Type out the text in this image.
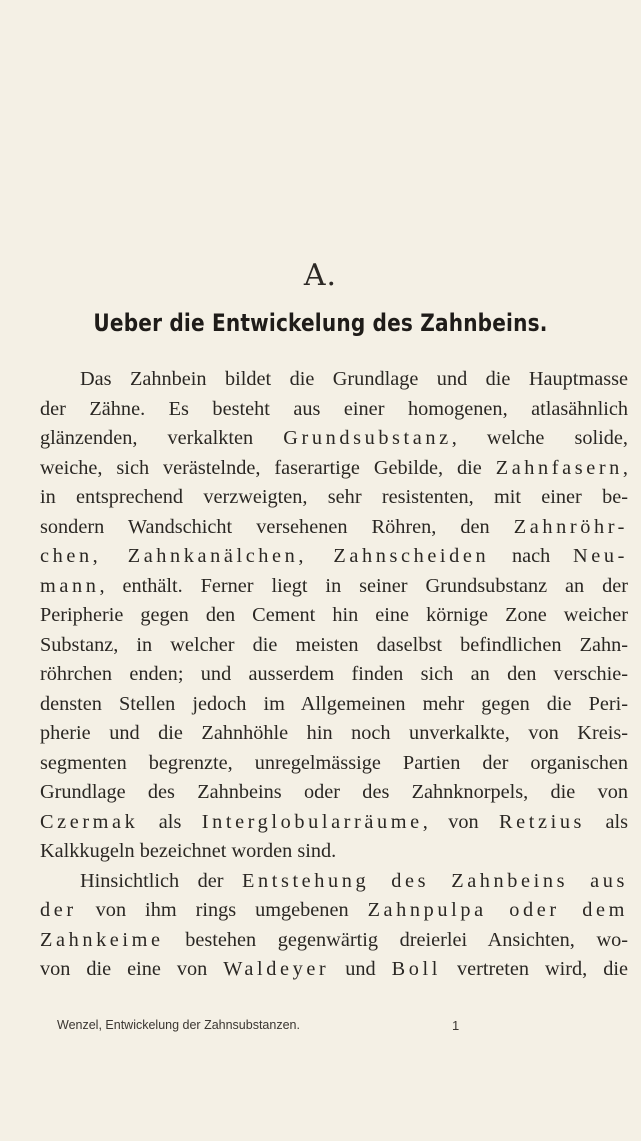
A.
Ueber die Entwickelung des Zahnbeins.
Das Zahnbein bildet die Grundlage und die Hauptmasse
der Zähne. Es besteht aus einer homogenen, atlasähnlich
glänzenden, verkalkten Grundsubstanz, welche solide,
weiche, sich verästelnde, faserartige Gebilde, die Zahnfasern,
in entsprechend verzweigten, sehr resistenten, mit einer be-
sondern Wandschicht versehenen Röhren, den Zahnröhr-
chen, Zahnkanälchen, Zahnscheiden nach Neu-
mann, enthält. Ferner liegt in seiner Grundsubstanz an der
Peripherie gegen den Cement hin eine körnige Zone weicher
Substanz, in welcher die meisten daselbst befindlichen Zahn-
röhrchen enden; und ausserdem finden sich an den verschie-
densten Stellen jedoch im Allgemeinen mehr gegen die Peri-
pherie und die Zahnhöhle hin noch unverkalkte, von Kreis-
segmenten begrenzte, unregelmässige Partien der organischen
Grundlage des Zahnbeins oder des Zahnknorpels, die von
Czermak als Interglobularräume, von Retzius als
Kalkkugeln bezeichnet worden sind.
Hinsichtlich der Entstehung des Zahnbeins aus
der von ihm rings umgebenen Zahnpulpa oder dem
Zahnkeime bestehen gegenwärtig dreierlei Ansichten, wo-
von die eine von Waldeyer und Boll vertreten wird, die
Wenzel, Entwickelung der Zahnsubstanzen.	1
